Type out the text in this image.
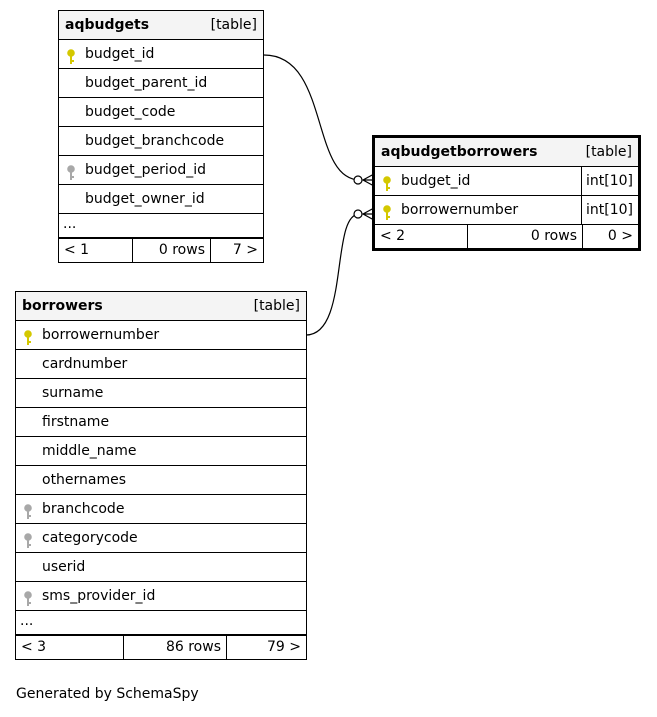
aqbudgets	[table]
budget_id
budget_parent_id
budget_code
budget_branchcode
budget_period_id
budget_owner_id
...
< 1	0 rows	7 >
aqbudgetborrowers	[table]
budget_id	int[10]
borrowernumber	int[10]
< 2	0 rows	0 >
borrowers	[table]
borrowernumber
cardnumber
surname
firstname
middle_name
othernames
branchcode
categorycode
userid
sms_provider_id
...
< 3	86 rows	79 >
Generated by SchemaSpy
